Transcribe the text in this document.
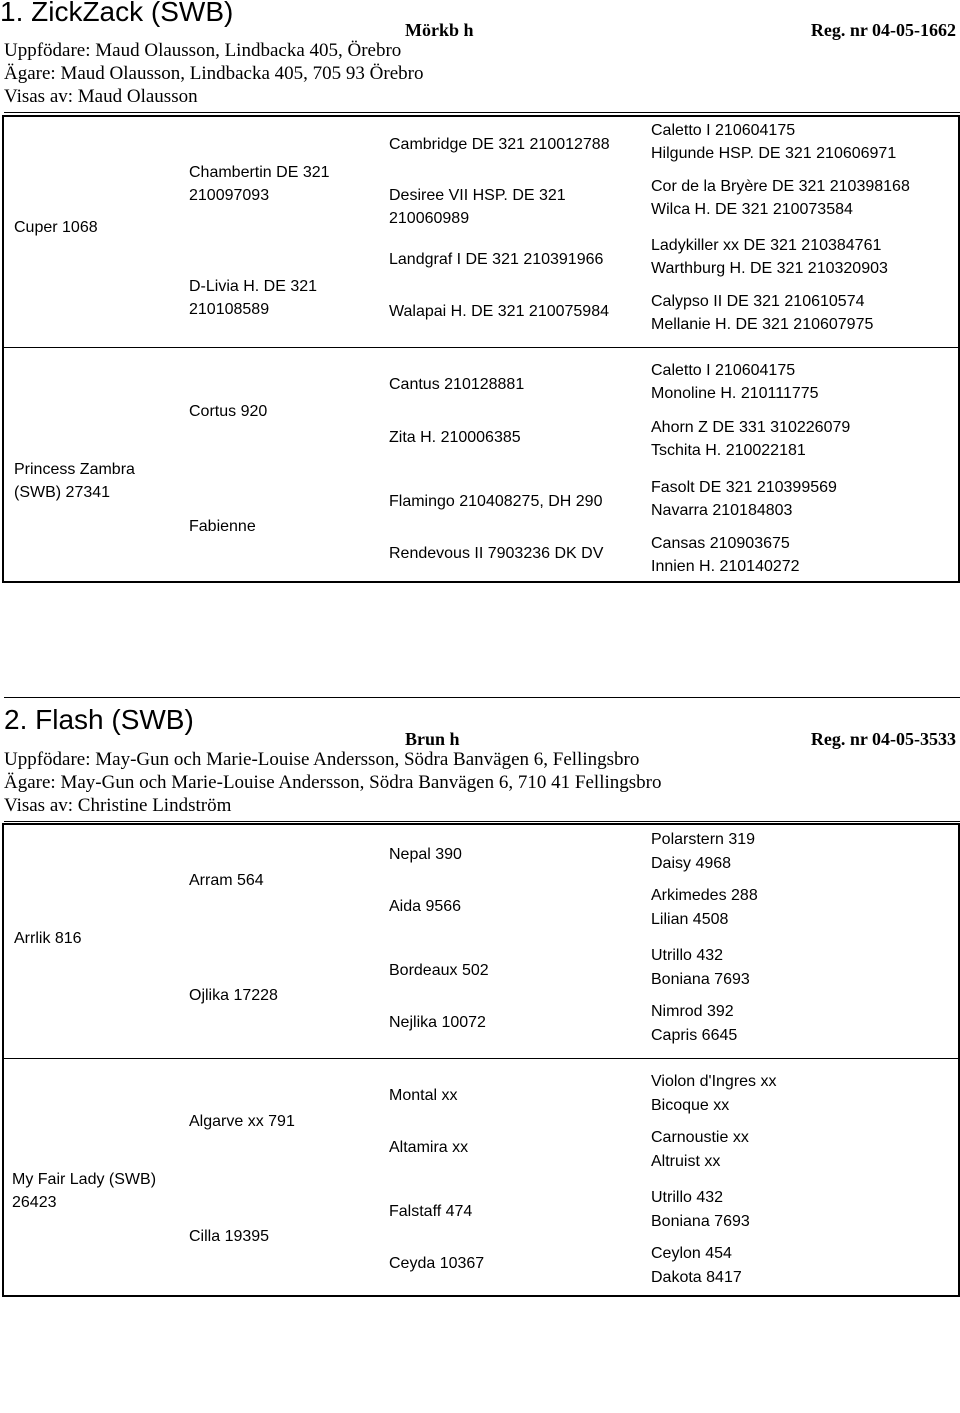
1. ZickZack (SWB)
Mörkb h	Reg. nr 04-05-1662
Uppfödare: Maud Olausson, Lindbacka 405, Örebro
Ägare: Maud Olausson, Lindbacka 405, 705 93 Örebro
Visas av: Maud Olausson
Cuper 1068
Chambertin DE 321
210097093
D-Livia H. DE 321
210108589
Cambridge DE 321 210012788
Desiree VII HSP. DE 321
210060989
Landgraf I DE 321 210391966
Walapai H. DE 321 210075984
Caletto I 210604175
Hilgunde HSP. DE 321 210606971
Cor de la Bryère DE 321 210398168
Wilca H. DE 321 210073584
Ladykiller xx DE 321 210384761
Warthburg H. DE 321 210320903
Calypso II DE 321 210610574
Mellanie H. DE 321 210607975
Princess Zambra
(SWB) 27341
Cortus 920
Fabienne
Cantus 210128881
Zita H. 210006385
Flamingo 210408275, DH 290
Rendevous II 7903236 DK DV
Caletto I 210604175
Monoline H. 210111775
Ahorn Z DE 331 310226079
Tschita H. 210022181
Fasolt DE 321 210399569
Navarra 210184803
Cansas 210903675
Innien H. 210140272
2. Flash (SWB)
Brun h	Reg. nr 04-05-3533
Uppfödare: May-Gun och Marie-Louise Andersson, Södra Banvägen 6, Fellingsbro
Ägare: May-Gun och Marie-Louise Andersson, Södra Banvägen 6, 710 41 Fellingsbro
Visas av: Christine Lindström
Arrlik 816
Arram 564
Ojlika 17228
Nepal 390
Aida 9566
Bordeaux 502
Nejlika 10072
Polarstern 319
Daisy 4968
Arkimedes 288
Lilian 4508
Utrillo 432
Boniana 7693
Nimrod 392
Capris 6645
My Fair Lady (SWB)
26423
Algarve xx 791
Cilla 19395
Montal xx
Altamira xx
Falstaff 474
Ceyda 10367
Violon d'Ingres xx
Bicoque xx
Carnoustie xx
Altruist xx
Utrillo 432
Boniana 7693
Ceylon 454
Dakota 8417
